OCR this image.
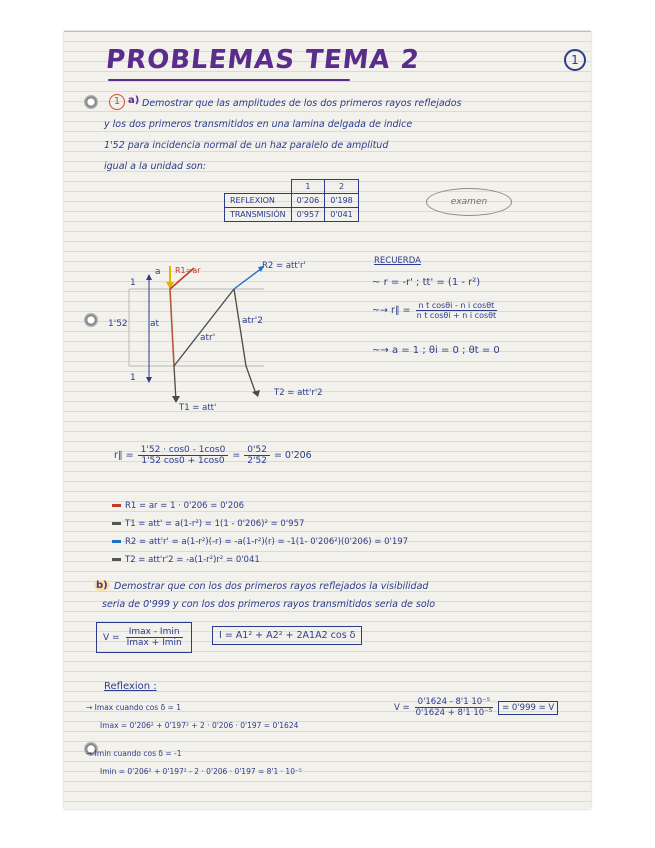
PROBLEMAS TEMA 2	1
1 a) Demostrar que las amplitudes de los dos primeros rayos reflejados
y los dos primeros transmitidos en una lamina delgada de indice
1'52 para incidencia normal de un haz paralelo de amplitud
igual a la unidad son:
	1	2
REFLEXION	0'206	0'198
TRANSMISIÓN	0'957	0'041
examen
1
1
1'52
a R1=ar	R2 = att'r'
at
atr'
atr'2
T1 = att'
T2 = att'r'2
RECUERDA
~ r = -r' ; tt' = (1 - r²)
~→ r∥ =
$\frac{\text{n t cosθi - n i cosθt}}{\text{n t cosθi + n i cosθt}}$
~→ a = 1 ; θi = 0 ; θt = 0
r∥ = $\frac{1'52 \cdot \cos 0 - 1\cos 0}{1'52 \cos 0 + 1\cos 0} = \frac{0'52}{2'52} = 0'206$
R1 = ar = 1 · 0'206 = 0'206
T1 = att' = a(1-r²) = 1(1 - 0'206)² = 0'957
R2 = att'r' = a(1-r²)(-r) = -a(1-r²)(r) = -1(1- 0'206²)(0'206) = 0'197
T2 = att'r'2 = -a(1-r²)r² = 0'041
b) Demostrar que con los dos primeros rayos reflejados la visibilidad
seria de 0'999 y con los dos primeros rayos transmitidos seria de solo
$V = \frac{Imax - Imin}{Imax + Imin}$	I = A1² + A2² + 2A1A2 cos δ
Reflexion :
→ Imax cuando cos δ = 1
Imax = 0'206² + 0'197² + 2 · 0'206 · 0'197 = 0'1624
→ Imin cuando cos δ = -1
Imin = 0'206² + 0'197² - 2 · 0'206 · 0'197 = 8'1 · 10⁻⁵
$V = \frac{\text{0'1624 - 8'1 10⁻⁵}}{\text{0'1624 + 8'1 10⁻⁵}} = 0'999 = V$
